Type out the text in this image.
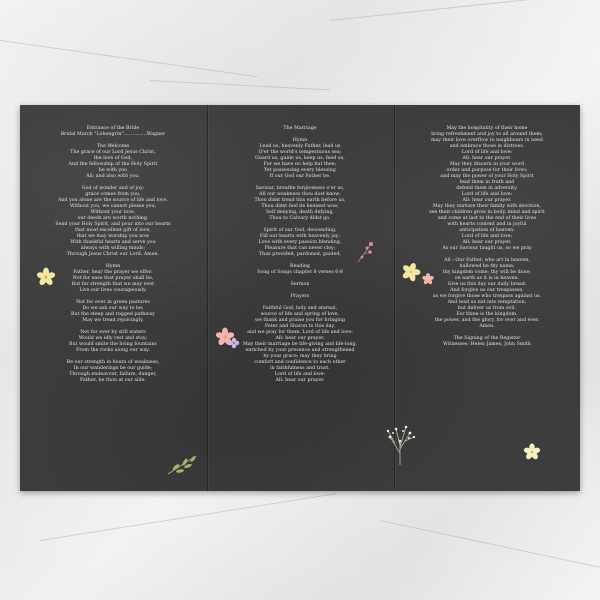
Entrance of the Bride
Bridal March "Lohengrin"...............Wagner
The Welcome
The grace of our Lord Jesus Christ,
the love of God,
And the fellowship of the Holy Spirit
be with you
All: and also with you.
God of wonder and of joy:
grace comes from you,
And you alone are the source of life and love.
Without you, we cannot please you;
Without your love,
our deeds are worth nothing.
Send your Holy Spirit, and pour into our hearts
that most excellent gift of love,
that we may worship you now
With thankful hearts and serve you
always with willing minds;
Through Jesus Christ our Lord. Amen.
Hymn
Father, hear the prayer we offer:
Not for ease that prayer shall be,
But for strength that we may ever
Live our lives courageously.
Not for ever in green pastures
Do we ask our way to be;
But the steep and rugged pathway
May we tread rejoicingly.
Not for ever by still waters
Would we idly rest and stay;
But would smite the living fountains
From the rocks along our way.
Be our strength in hours of weakness,
In our wanderings be our guide;
Through endeavour, failure, danger,
Father, be thou at our side.
The Marriage
Hymn
Lead us, heavenly Father, lead us
O'er the world's tempestuous sea;
Guard us, guide us, keep us, feed us,
For we have no help but thee;
Yet possessing every blessing
If our God our Father be.
Saviour, breathe forgiveness o'er us,
All our weakness thou dost know;
Thou didst tread this earth before us,
Thou didst feel its keenest woe;
Self denying, death defying,
Thou to Calvary didst go.
Spirit of our God, descending,
Fill our hearts with heavenly joy;
Love with every passion blending,
Pleasure that can never cloy;
Thus provided, pardoned, guided,
Reading
Song of Songs chapter 8 verses 6-8
Sermon
Prayers
Faithful God, holy and eternal,
source of life and spring of love,
we thank and praise you for bringing
Peter and Sharon to this day,
and we pray for them. Lord of life and love:
All: hear our prayer.
May their marriage be life-giving and life-long,
enriched by your presence and strengthened
by your grace; may they bring
comfort and confidence to each other
in faithfulness and trust.
Lord of life and love:
All: hear our prayer.
May the hospitality of their home
bring refreshment and joy to all around them;
may their love overflow to neighbours in need
and embrace those in distress.
Lord of life and love:
All: hear our prayer.
May they discern in your word
order and purpose for their lives;
and may the power of your Holy Spirit
lead them in truth and
defend them in adversity.
Lord of life and love:
All: hear our prayer.
May they nurture their family with devotion,
see their children grow in body, mind and spirit
and come at last to the end of their lives
with hearts content and in joyful
anticipation of heaven.
Lord of life and love:
All: hear our prayer.
As our Saviour taught us, so we pray
All : Our Father, who art in heaven,
hallowed be thy name;
thy kingdom come; thy will be done;
on earth as it is in heaven.
Give us this day our daily bread.
And forgive us our trespasses,
as we forgive those who trespass against us.
And lead us not into temptation;
but deliver us from evil.
For thine is the kingdom,
the power, and the glory, for ever and ever.
Amen.
The Signing of the Register
Witnesses: Helen James, John Smith
